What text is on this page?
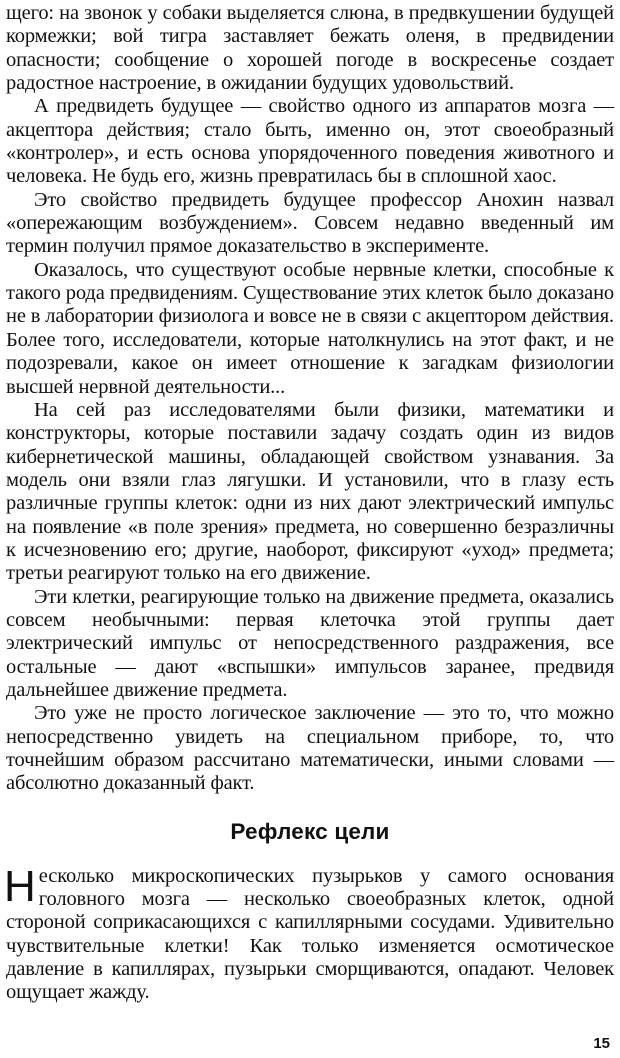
щего: на звонок у собаки выделяется слюна, в предвкушении будущей кормежки; вой тигра заставляет бежать оленя, в предвидении опасности; сообщение о хорошей погоде в воскресенье создает радостное настроение, в ожидании будущих удовольствий.

А предвидеть будущее — свойство одного из аппаратов мозга — акцептора действия; стало быть, именно он, этот своеобразный «контролер», и есть основа упорядоченного поведения животного и человека. Не будь его, жизнь превратилась бы в сплошной хаос.

Это свойство предвидеть будущее профессор Анохин назвал «опережающим возбуждением». Совсем недавно введенный им термин получил прямое доказательство в эксперименте.

Оказалось, что существуют особые нервные клетки, способные к такого рода предвидениям. Существование этих клеток было доказано не в лаборатории физиолога и вовсе не в связи с акцептором действия. Более того, исследователи, которые натолкнулись на этот факт, и не подозревали, какое он имеет отношение к загадкам физиологии высшей нервной деятельности...

На сей раз исследователями были физики, математики и конструкторы, которые поставили задачу создать один из видов кибернетической машины, обладающей свойством узнавания. За модель они взяли глаз лягушки. И установили, что в глазу есть различные группы клеток: одни из них дают электрический импульс на появление «в поле зрения» предмета, но совершенно безразличны к исчезновению его; другие, наоборот, фиксируют «уход» предмета; третьи реагируют только на его движение.

Эти клетки, реагирующие только на движение предмета, оказались совсем необычными: первая клеточка этой группы дает электрический импульс от непосредственного раздражения, все остальные — дают «вспышки» импульсов заранее, предвидя дальнейшее движение предмета.

Это уже не просто логическое заключение — это то, что можно непосредственно увидеть на специальном приборе, то, что точнейшим образом рассчитано математически, иными словами — абсолютно доказанный факт.

Рефлекс цели
Н есколько микроскопических пузырьков у самого основания головного мозга — несколько своеобразных клеток, одной стороной соприкасающихся с капиллярными сосудами. Удивительно чувствительные клетки! Как только изменяется осмотическое давление в капиллярах, пузырьки сморщиваются, опадают. Человек ощущает жажду.

15
